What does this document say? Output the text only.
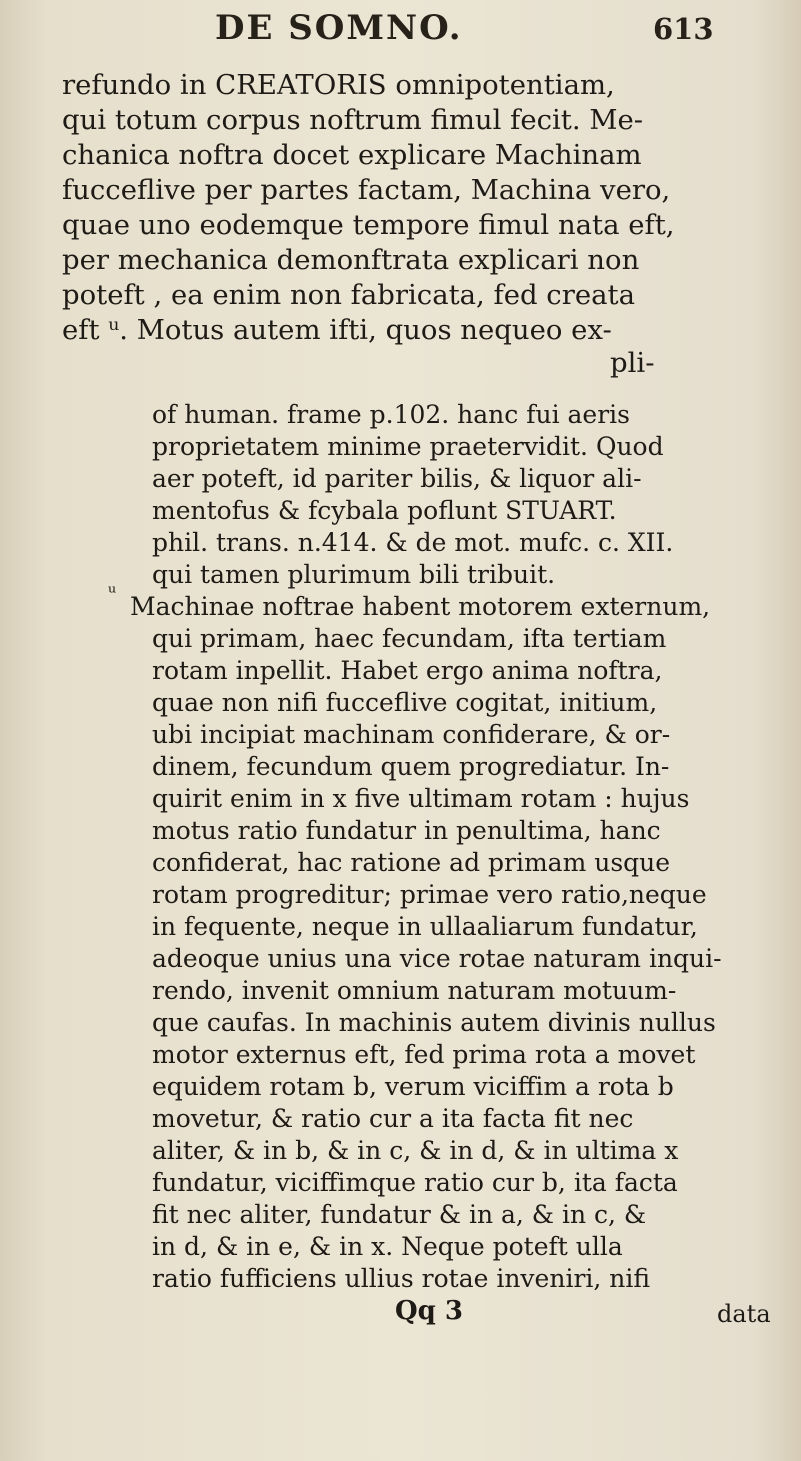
DE SOMNO.	613
refundo in CREATORIS omnipotentiam,
qui totum corpus noftrum fimul fecit. Me-
chanica noftra docet explicare Machinam
fucceflive per partes factam, Machina vero,
quae uno eodemque tempore fimul nata eft,
per mechanica demonftrata explicari non
poteft , ea enim non fabricata, fed creata
eft ᵘ. Motus autem ifti, quos nequeo ex-
pli-
of human. frame p.102. hanc fui aeris
proprietatem minime praetervidit. Quod
aer poteft, id pariter bilis, & liquor ali-
mentofus & fcybala poflunt STUART.
phil. trans. n.414. & de mot. mufc. c. XII.
qui tamen plurimum bili tribuit.
ᵘ Machinae noftrae habent motorem externum,
qui primam, haec fecundam, ifta tertiam
rotam inpellit. Habet ergo anima noftra,
quae non nifi fucceflive cogitat, initium,
ubi incipiat machinam confiderare, & or-
dinem, fecundum quem progrediatur. In-
quirit enim in x five ultimam rotam : hujus
motus ratio fundatur in penultima, hanc
confiderat, hac ratione ad primam usque
rotam progreditur; primae vero ratio,neque
in fequente, neque in ullaaliarum fundatur,
adeoque unius una vice rotae naturam inqui-
rendo, invenit omnium naturam motuum-
que caufas. In machinis autem divinis nullus
motor externus eft, fed prima rota a movet
equidem rotam b, verum viciffim a rota b
movetur, & ratio cur a ita facta fit nec
aliter, & in b, & in c, & in d, & in ultima x
fundatur, viciffimque ratio cur b, ita facta
fit nec aliter, fundatur & in a, & in c, &
in d, & in e, & in x. Neque poteft ulla
ratio fufficiens ullius rotae inveniri, nifi
Qq 3	data
